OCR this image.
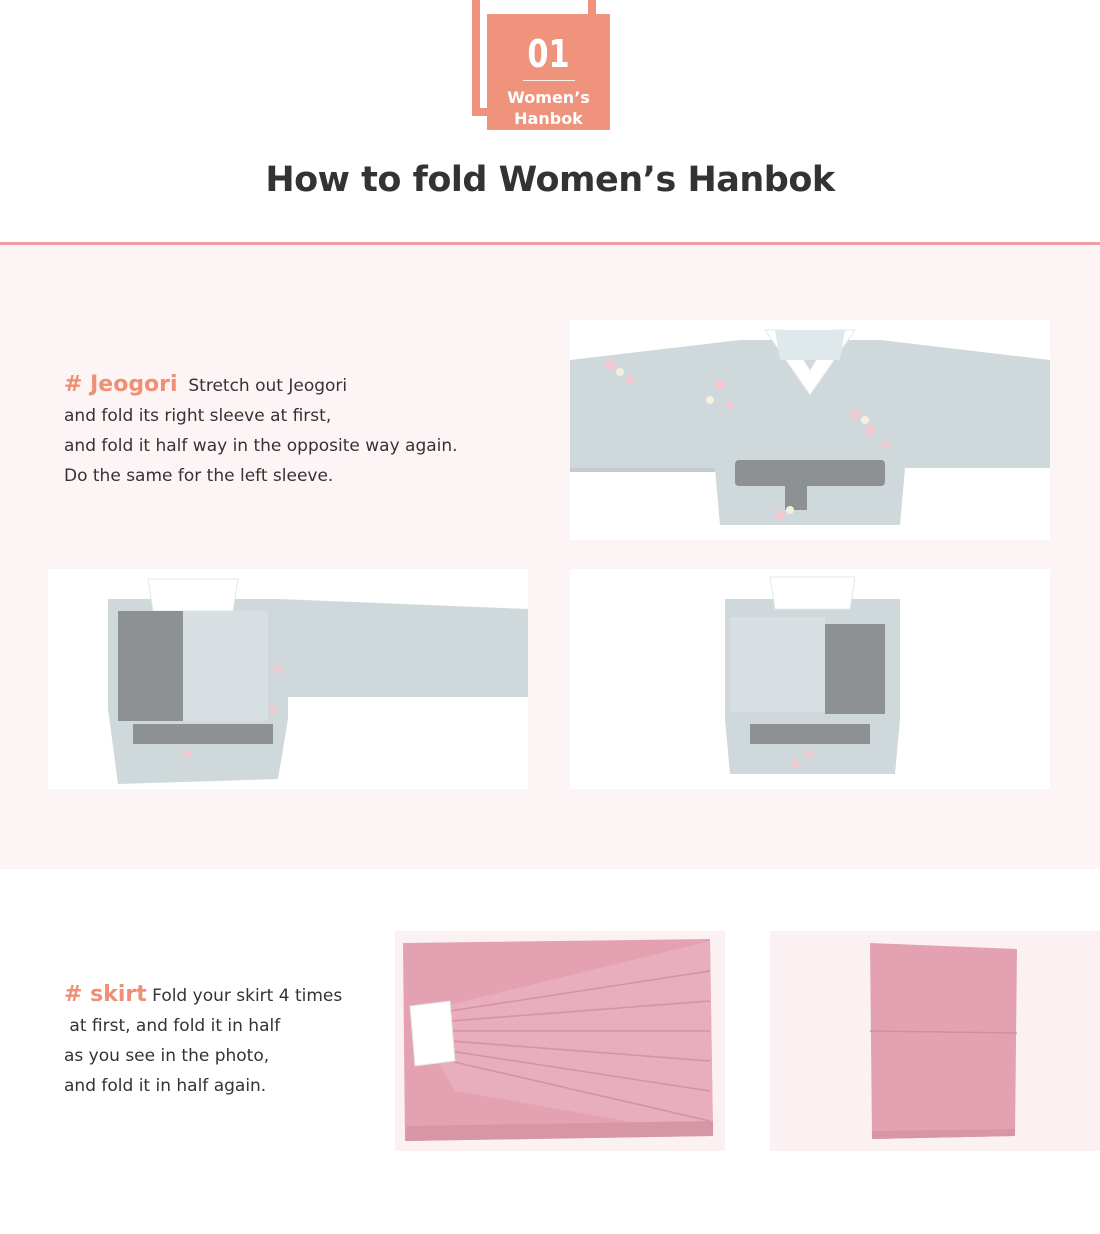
01
Women’s
Hanbok
How to fold Women’s Hanbok
# Jeogori Stretch out Jeogori
and fold its right sleeve at first,
and fold it half way in the opposite way again.
Do the same for the left sleeve.
# skirt Fold your skirt 4 times
at first, and fold it in half
as you see in the photo,
and fold it in half again.
